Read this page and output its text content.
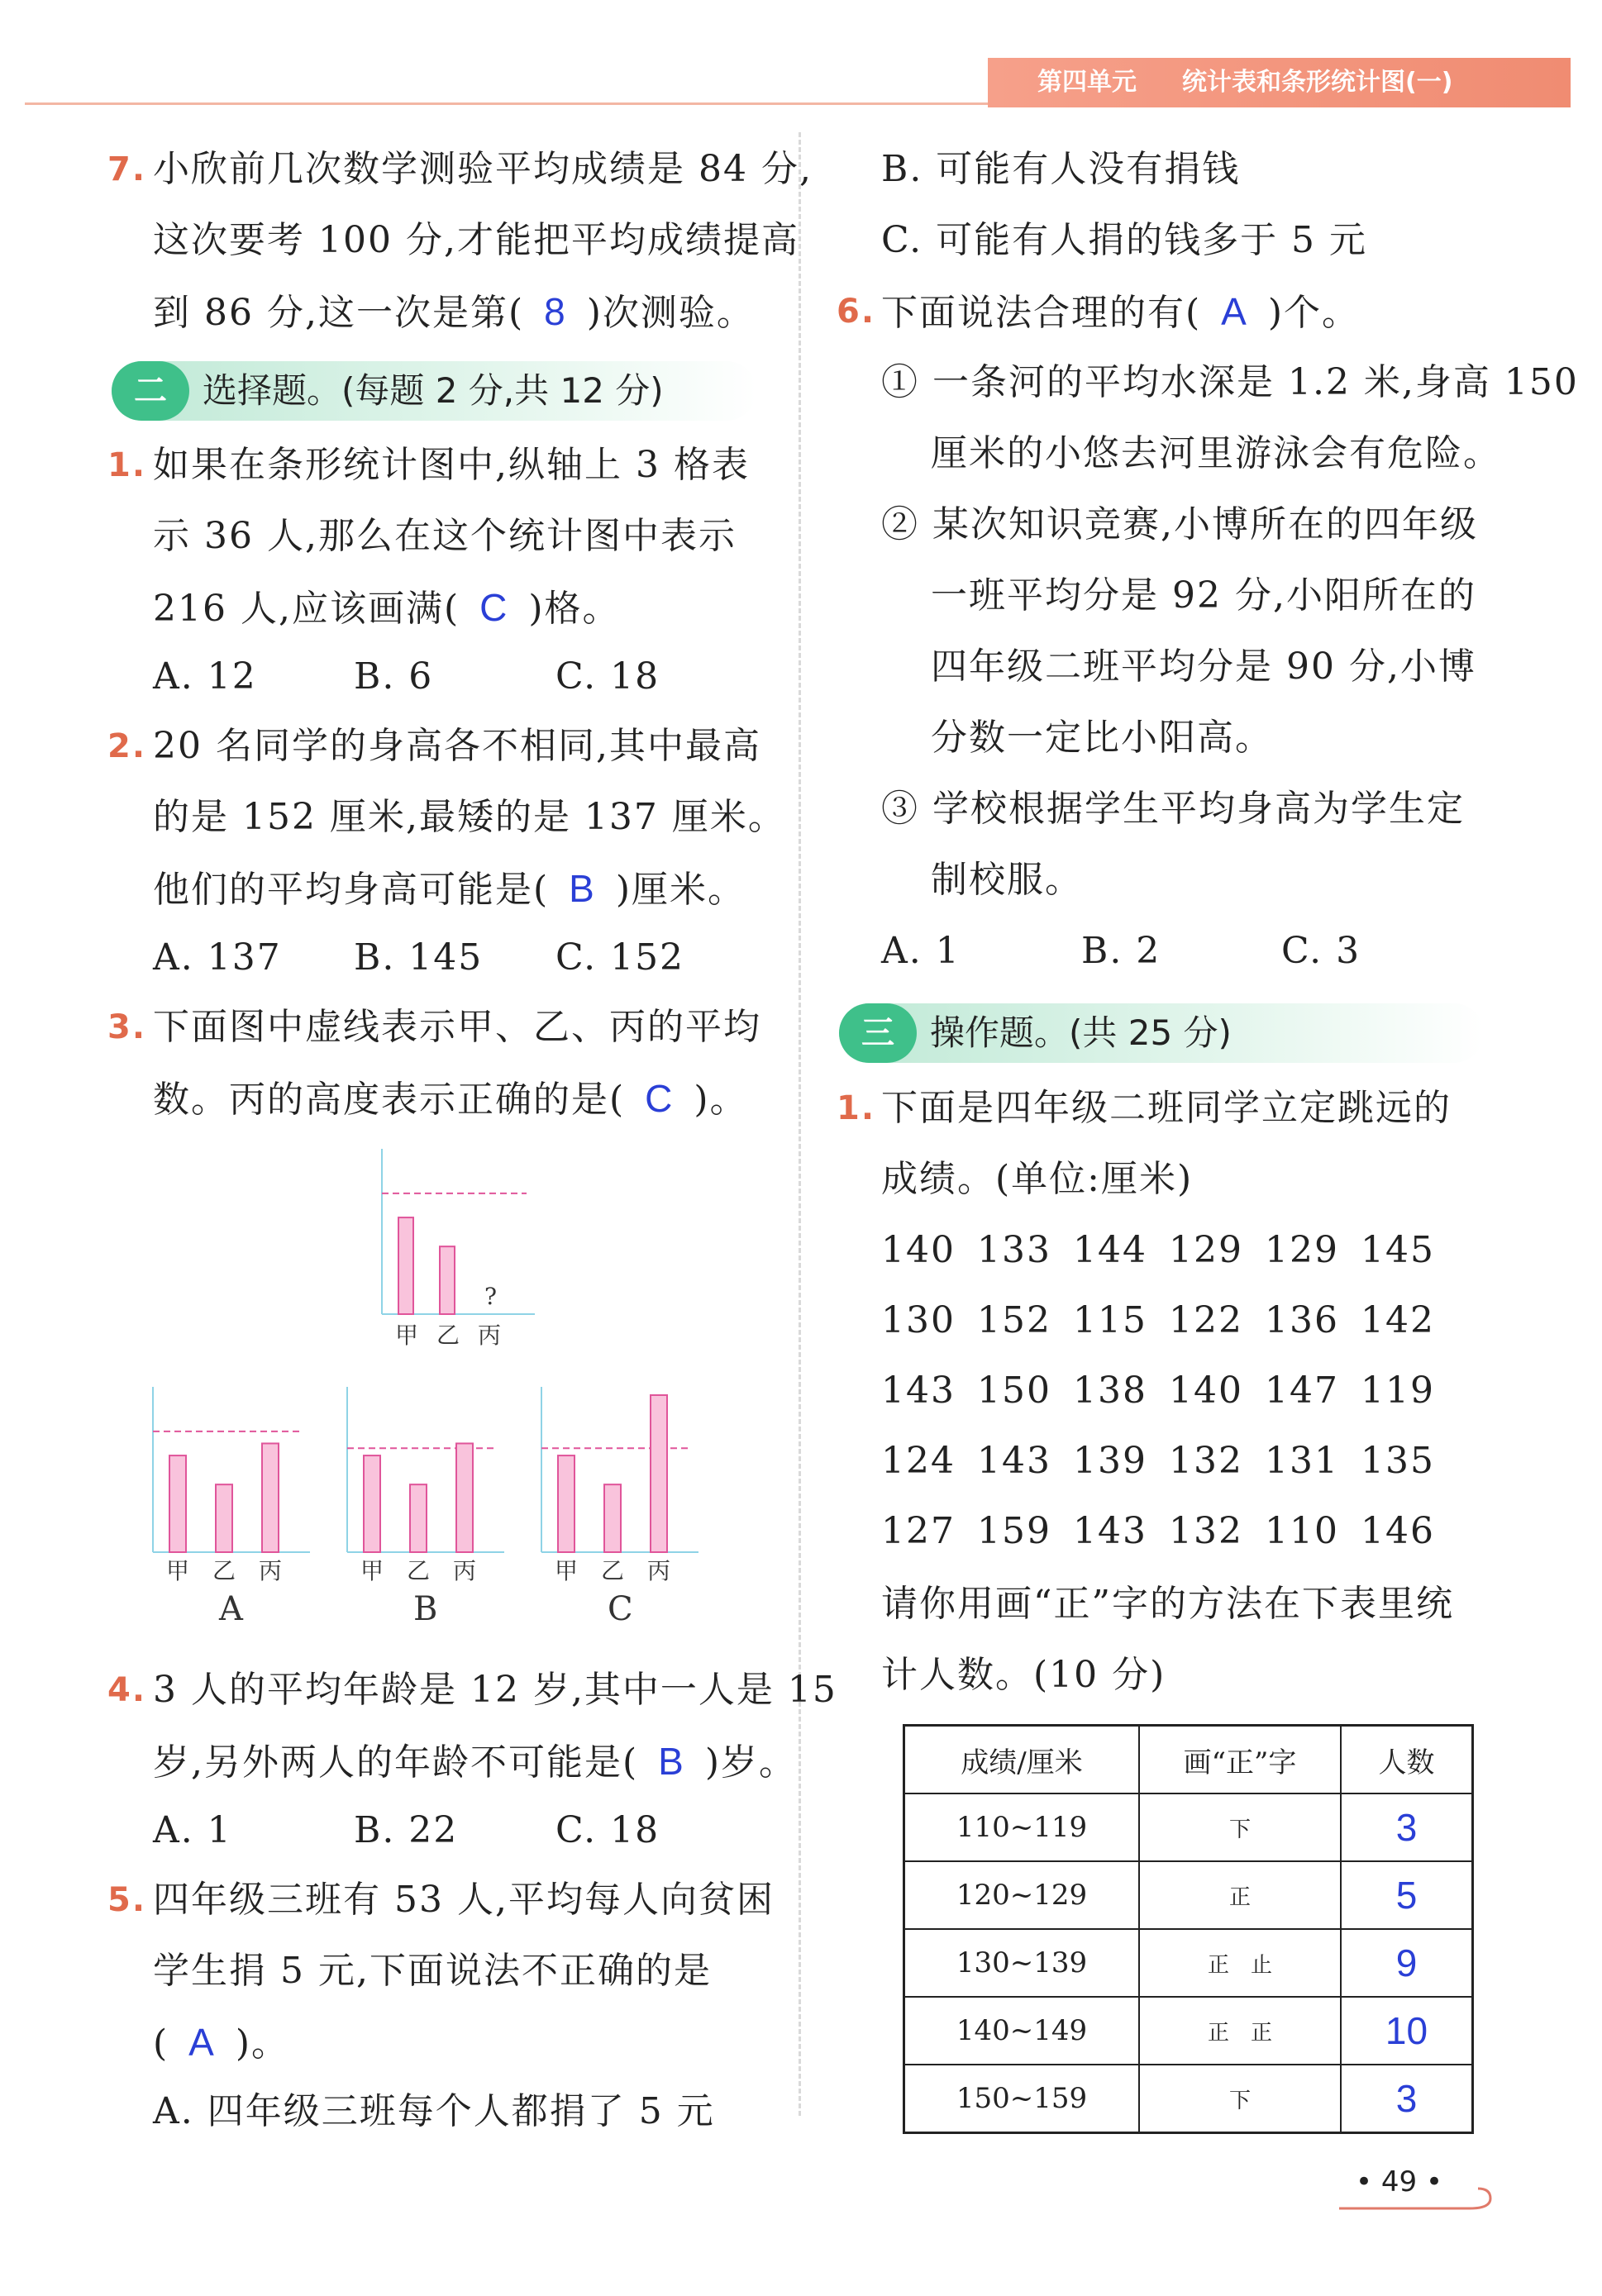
第四单元 统计表和条形统计图(一)
7. 小欣前几次数学测验平均成绩是 84 分,
这次要考 100 分,才能把平均成绩提高
到 86 分,这一次是第( 8 )次测验。
二	选择题。(每题 2 分,共 12 分)
1. 如果在条形统计图中,纵轴上 3 格表
示 36 人,那么在这个统计图中表示
216 人,应该画满( C )格。
A. 12	B. 6	C. 18
2. 20 名同学的身高各不相同,其中最高
的是 152 厘米,最矮的是 137 厘米。
他们的平均身高可能是( B )厘米。
A. 137 B. 145 C. 152
3. 下面图中虚线表示甲、乙、丙的平均
数。丙的高度表示正确的是( C )。
甲 乙
?
丙
甲 乙 丙
A
甲 乙 丙
B
甲 乙 丙
C
4. 3 人的平均年龄是 12 岁,其中一人是 15
岁,另外两人的年龄不可能是( B )岁。
A. 1	B. 22	C. 18
5. 四年级三班有 53 人,平均每人向贫困
学生捐 5 元,下面说法不正确的是
( A )。
A. 四年级三班每个人都捐了 5 元
B. 可能有人没有捐钱
C. 可能有人捐的钱多于 5 元
6. 下面说法合理的有( A )个。
① 一条河的平均水深是 1.2 米,身高 150
厘米的小悠去河里游泳会有危险。
② 某次知识竞赛,小博所在的四年级
一班平均分是 92 分,小阳所在的
四年级二班平均分是 90 分,小博
分数一定比小阳高。
③ 学校根据学生平均身高为学生定
制校服。
A. 1	B. 2	C. 3
三	操作题。(共 25 分)
1. 下面是四年级二班同学立定跳远的
成绩。(单位:厘米)
140 133 144 129 129 145
130 152 115 122 136 142
143 150 138 140 147 119
124 143 139 132 131 135
127 159 143 132 110 146
请你用画“正”字的方法在下表里统
计人数。(10 分)
成绩/厘米	画“正”字	人数
110~119	下	3
120~129	正	5
130~139	正　止	9
140~149	正　正	10
150~159	下	3
• 49 •
